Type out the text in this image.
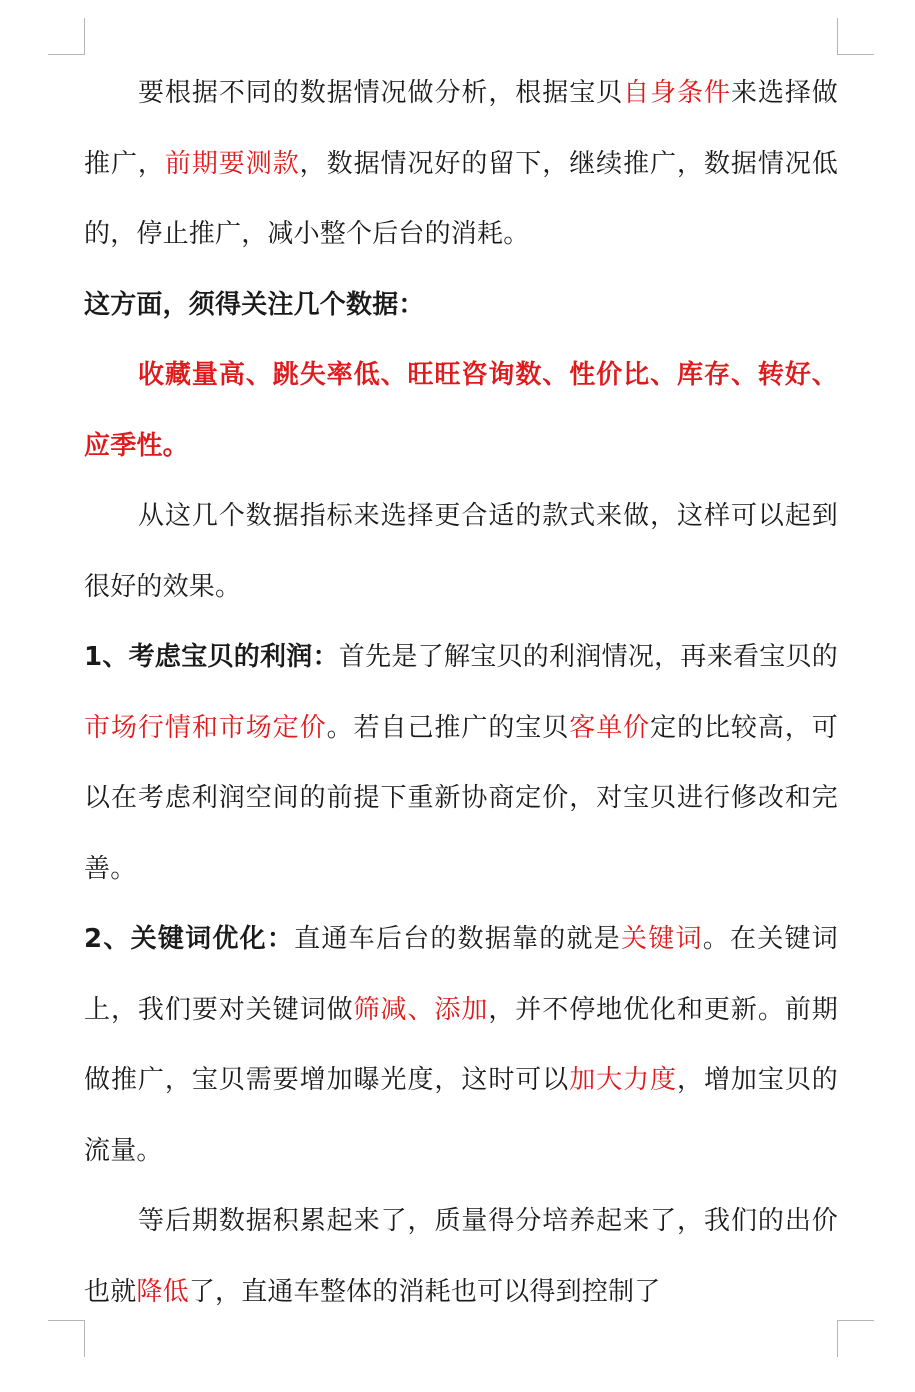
要根据不同的数据情况做分析，根据宝贝自身条件来选择做推广，前期要测款，数据情况好的留下，继续推广，数据情况低的，停止推广，减小整个后台的消耗。

这方面，须得关注几个数据：

收藏量高、跳失率低、旺旺咨询数、性价比、库存、转好、应季性。

从这几个数据指标来选择更合适的款式来做，这样可以起到很好的效果。

1、考虑宝贝的利润：首先是了解宝贝的利润情况，再来看宝贝的市场行情和市场定价。若自己推广的宝贝客单价定的比较高，可以在考虑利润空间的前提下重新协商定价，对宝贝进行修改和完善。

2、关键词优化：直通车后台的数据靠的就是关键词。在关键词上，我们要对关键词做筛减、添加，并不停地优化和更新。前期做推广，宝贝需要增加曝光度，这时可以加大力度，增加宝贝的流量。

等后期数据积累起来了，质量得分培养起来了，我们的出价也就降低了，直通车整体的消耗也可以得到控制了
